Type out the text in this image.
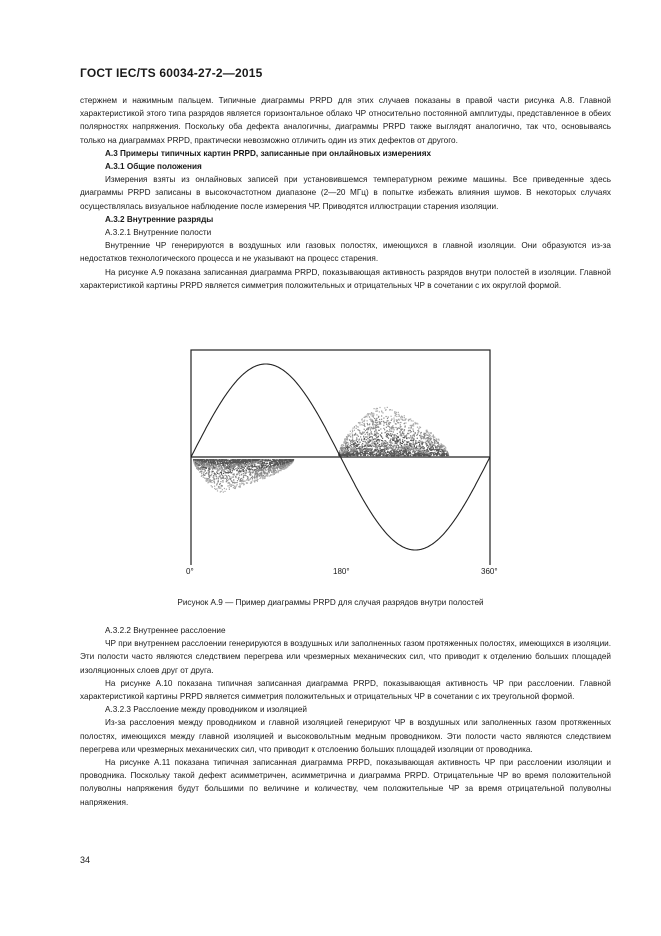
ГОСТ IEC/TS 60034-27-2—2015

стержнем и нажимным пальцем. Типичные диаграммы PRPD для этих случаев показаны в правой части рисунка А.8. Главной характеристикой этого типа разрядов является горизонтальное облако ЧР относительно постоянной амплитуды, представленное в обеих полярностях напряжения. Поскольку оба дефекта аналогичны, диаграммы PRPD также выглядят аналогично, так что, основываясь только на диаграммах PRPD, практически невозможно отличить один из этих дефектов от другого.

А.3 Примеры типичных картин PRPD, записанные при онлайновых измерениях

А.3.1 Общие положения

Измерения взяты из онлайновых записей при установившемся температурном режиме машины. Все приведенные здесь диаграммы PRPD записаны в высокочастотном диапазоне (2—20 МГц) в попытке избежать влияния шумов. В некоторых случаях осуществлялась визуальное наблюдение после измерения ЧР. Приводятся иллюстрации старения изоляции.

А.3.2 Внутренние разряды

А.3.2.1 Внутренние полости

Внутренние ЧР генерируются в воздушных или газовых полостях, имеющихся в главной изоляции. Они образуются из-за недостатков технологического процесса и не указывают на процесс старения.

На рисунке А.9 показана записанная диаграмма PRPD, показывающая активность разрядов внутри полостей в изоляции. Главной характеристикой картины PRPD является симметрия положительных и отрицательных ЧР в сочетании с их округлой формой.

0°	180°	360°
Рисунок А.9 — Пример диаграммы PRPD для случая разрядов внутри полостей

А.3.2.2 Внутреннее расслоение

ЧР при внутреннем расслоении генерируются в воздушных или заполненных газом протяженных полостях, имеющихся в изоляции. Эти полости часто являются следствием перегрева или чрезмерных механических сил, что приводит к отделению больших площадей изоляционных слоев друг от друга.

На рисунке А.10 показана типичная записанная диаграмма PRPD, показывающая активность ЧР при расслоении. Главной характеристикой картины PRPD является симметрия положительных и отрицательных ЧР в сочетании с их треугольной формой.

А.3.2.3 Расслоение между проводником и изоляцией

Из-за расслоения между проводником и главной изоляцией генерируют ЧР в воздушных или заполненных газом протяженных полостях, имеющихся между главной изоляцией и высоковольтным медным проводником. Эти полости часто являются следствием перегрева или чрезмерных механических сил, что приводит к отслоению больших площадей изоляции от проводника.

На рисунке А.11 показана типичная записанная диаграмма PRPD, показывающая активность ЧР при расслоении изоляции и проводника. Поскольку такой дефект асимметричен, асимметрична и диаграмма PRPD. Отрицательные ЧР во время положительной полуволны напряжения будут большими по величине и количеству, чем положительные ЧР за время отрицательной полуволны напряжения.

34
